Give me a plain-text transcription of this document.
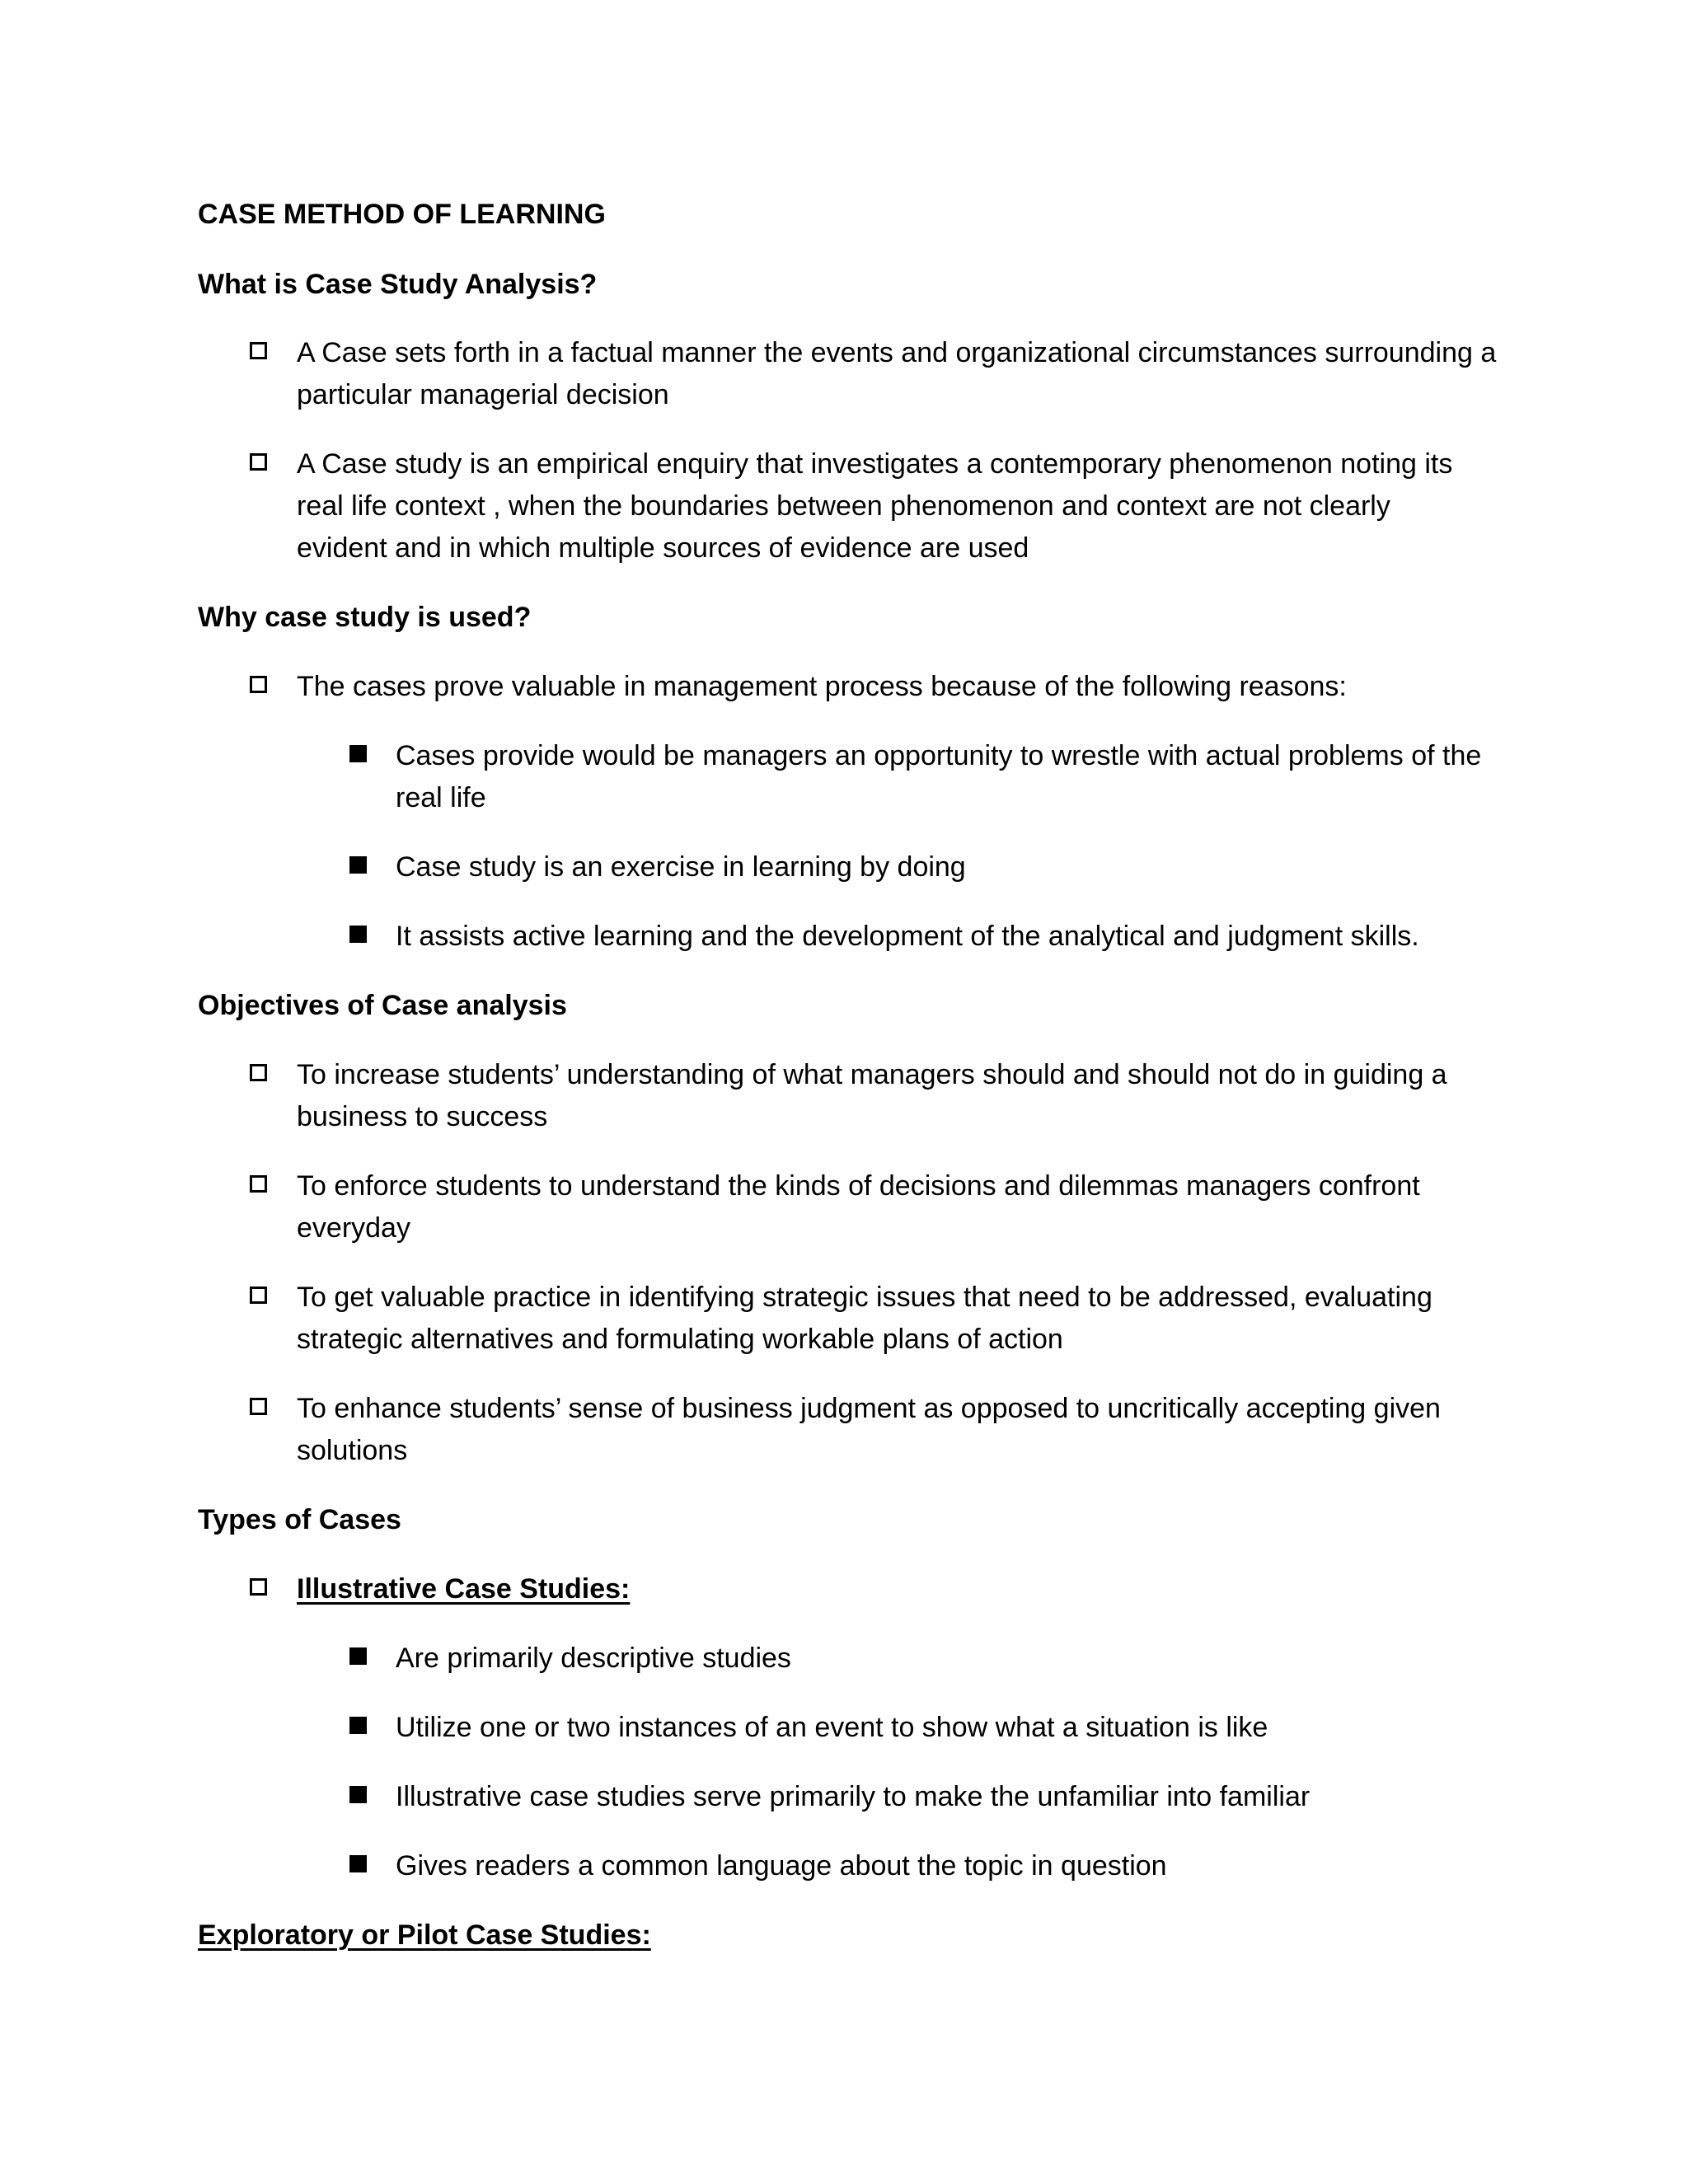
CASE METHOD OF LEARNING
What is Case Study Analysis?
A Case sets forth in a factual manner the events and organizational circumstances surrounding a
particular managerial decision
A Case study is an empirical enquiry that investigates a contemporary phenomenon noting its
real life context , when the boundaries between phenomenon and context are not clearly
evident and in which multiple sources of evidence are used
Why case study is used?
The cases prove valuable in management process because of the following reasons:
Cases provide would be managers an opportunity to wrestle with actual problems of the
real life
Case study is an exercise in learning by doing
It assists active learning and the development of the analytical and judgment skills.
Objectives of Case analysis
To increase students’ understanding of what managers should and should not do in guiding a
business to success
To enforce students to understand the kinds of decisions and dilemmas managers confront
everyday
To get valuable practice in identifying strategic issues that need to be addressed, evaluating
strategic alternatives and formulating workable plans of action
To enhance students’ sense of business judgment as opposed to uncritically accepting given
solutions
Types of Cases
Illustrative Case Studies:
Are primarily descriptive studies
Utilize one or two instances of an event to show what a situation is like
Illustrative case studies serve primarily to make the unfamiliar into familiar
Gives readers a common language about the topic in question
Exploratory or Pilot Case Studies:
